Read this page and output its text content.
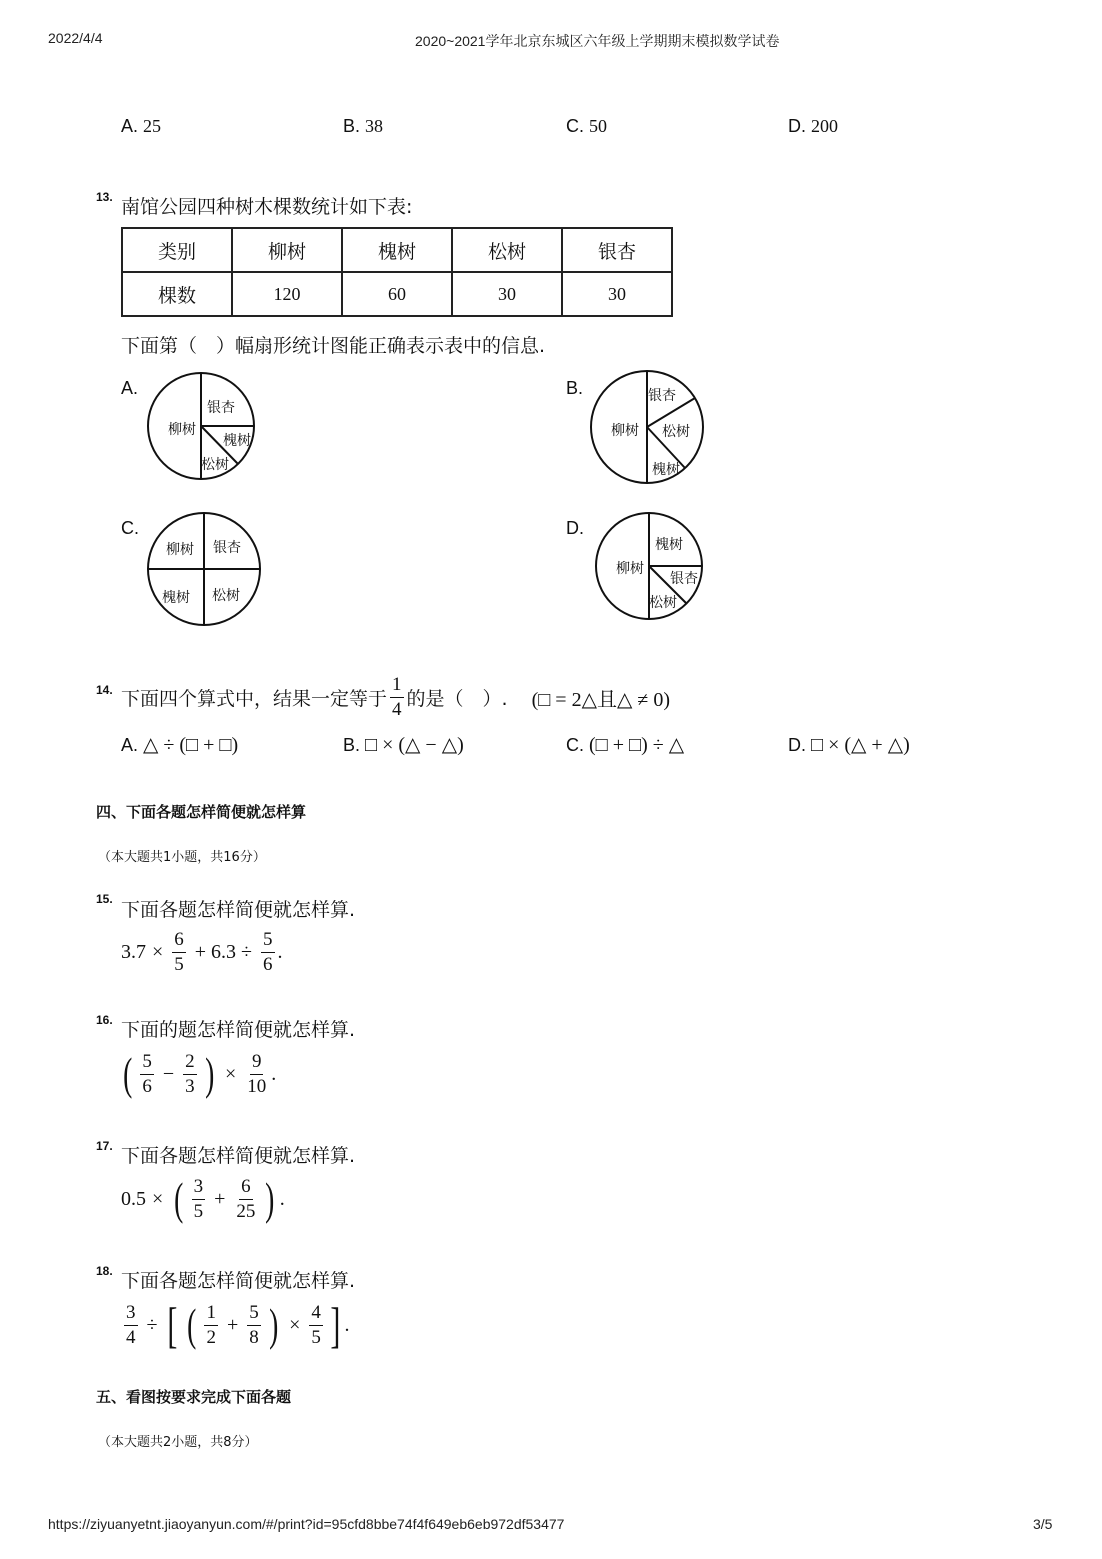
2022/4/4	2020~2021学年北京东城区六年级上学期期末模拟数学试卷
A. 25	B. 38	C. 50	D. 200
13. 南馆公园四种树木棵数统计如下表:
类别	柳树	槐树	松树	银杏
棵数	120	60	30	30
下面第（　）幅扇形统计图能正确表示表中的信息.
A.
柳树
银杏
槐树
松树
B.
柳树
银杏
松树
槐树
C.
柳树 银杏
槐树 松树
D.
柳树
槐树
银杏
松树
14. 下面四个算式中，结果一定等于 $\frac{1}{4}$ 的是（　）. (□ = 2△且△ ≠ 0)
A. △ ÷ (□ + □)	B. □ × (△ − △)	C. (□ + □) ÷ △	D. □ × (△ + △)
四、下面各题怎样简便就怎样算
（本大题共1小题，共16分）
15. 下面各题怎样简便就怎样算.
$3.7 \times \frac{6}{5} + 6.3 \div \frac{5}{6}$ .
16. 下面的题怎样简便就怎样算.
( $\frac{5}{6} - \frac{2}{3}$ ) × $\frac{9}{10}$ .
17. 下面各题怎样简便就怎样算.
0.5 × ( $\frac{3}{5} + \frac{6}{25}$ ) .
18. 下面各题怎样简便就怎样算.
$\frac{3}{4}$ ÷ [ ( $\frac{1}{2} + \frac{5}{8}$ ) × $\frac{4}{5}$ ] .
五、看图按要求完成下面各题
（本大题共2小题，共8分）
https://ziyuanyetnt.jiaoyanyun.com/#/print?id=95cfd8bbe74f4f649eb6eb972df53477	3/5
